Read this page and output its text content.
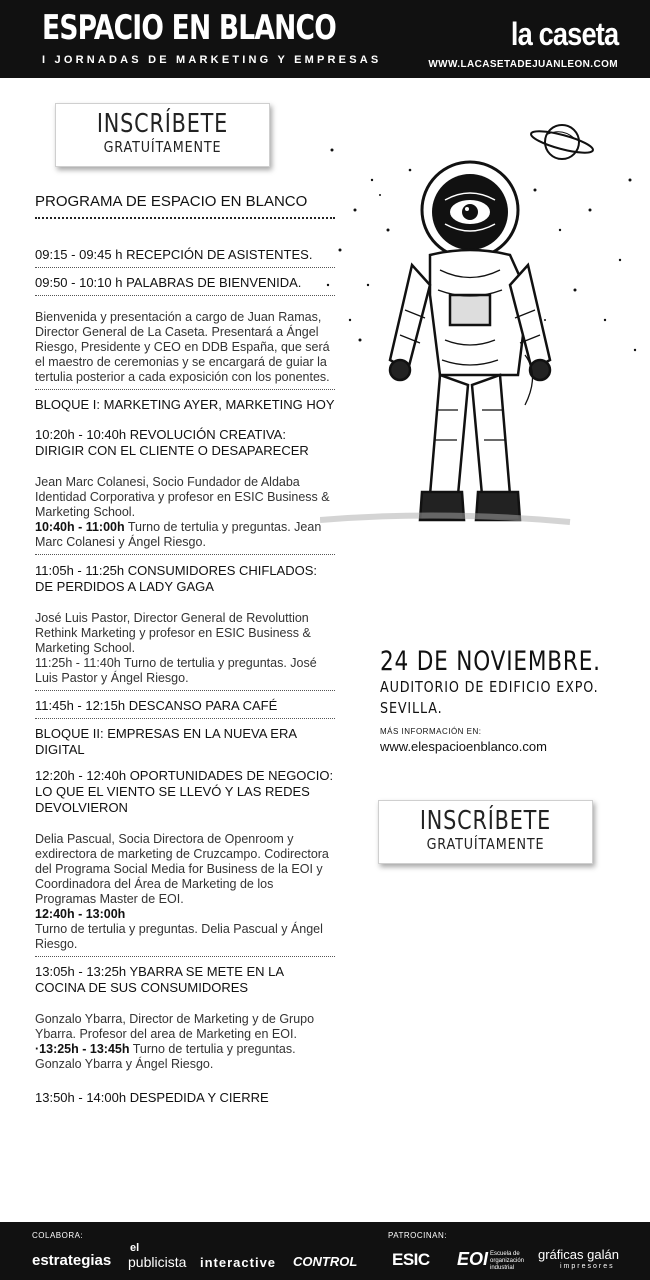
ESPACIO EN BLANCO
I JORNADAS DE MARKETING Y EMPRESAS
la caseta
WWW.LACASETADEJUANLEON.COM
INSCRÍBETE
GRATUÍTAMENTE
PROGRAMA DE ESPACIO EN BLANCO
09:15 - 09:45 h RECEPCIÓN DE ASISTENTES.
09:50 - 10:10 h PALABRAS DE BIENVENIDA.
Bienvenida y presentación a cargo de Juan Ramas, Director General de La Caseta. Presentará a Ángel Riesgo, Presidente y CEO en DDB España, que será el maestro de ceremonias y se encargará de guiar la tertulia posterior a cada exposición con los ponentes.
BLOQUE I: MARKETING AYER, MARKETING HOY
10:20h - 10:40h REVOLUCIÓN CREATIVA: DIRIGIR CON EL CLIENTE O DESAPARECER
Jean Marc Colanesi, Socio Fundador de Aldaba Identidad Corporativa y profesor en ESIC Business & Marketing School.
10:40h - 11:00h Turno de tertulia y preguntas. Jean Marc Colanesi y Ángel Riesgo.
11:05h - 11:25h CONSUMIDORES CHIFLADOS: DE PERDIDOS A LADY GAGA
José Luis Pastor, Director General de Revoluttion Rethink Marketing y profesor en ESIC Business & Marketing School.
11:25h - 11:40h Turno de tertulia y preguntas. José Luis Pastor y Ángel Riesgo.
11:45h - 12:15h DESCANSO PARA CAFÉ
BLOQUE II: EMPRESAS EN LA NUEVA ERA DIGITAL
12:20h - 12:40h OPORTUNIDADES DE NEGOCIO: LO QUE EL VIENTO SE LLEVÓ Y LAS REDES DEVOLVIERON
Delia Pascual, Socia Directora de Openroom y exdirectora de marketing de Cruzcampo. Codirectora del Programa Social Media for Business de la EOI y Coordinadora del Área de Marketing de los Programas Master de EOI.
12:40h - 13:00h
Turno de tertulia y preguntas. Delia Pascual y Ángel Riesgo.
13:05h - 13:25h YBARRA SE METE EN LA COCINA DE SUS CONSUMIDORES
Gonzalo Ybarra, Director de Marketing y de Grupo Ybarra. Profesor del area de Marketing en EOI.
·13:25h - 13:45h Turno de tertulia y preguntas. Gonzalo Ybarra y Ángel Riesgo.
13:50h - 14:00h DESPEDIDA Y CIERRE
24 DE NOVIEMBRE.
AUDITORIO DE EDIFICIO EXPO.
SEVILLA.
MÁS INFORMACIÓN EN:
www.elespacioenblanco.com
INSCRÍBETE
GRATUÍTAMENTE
COLABORA:	PATROCINAN:
estrategias
el
publicista interactive CONTROL ESIC EOI Escuela de organización industrial
gráficas galán
impresores
